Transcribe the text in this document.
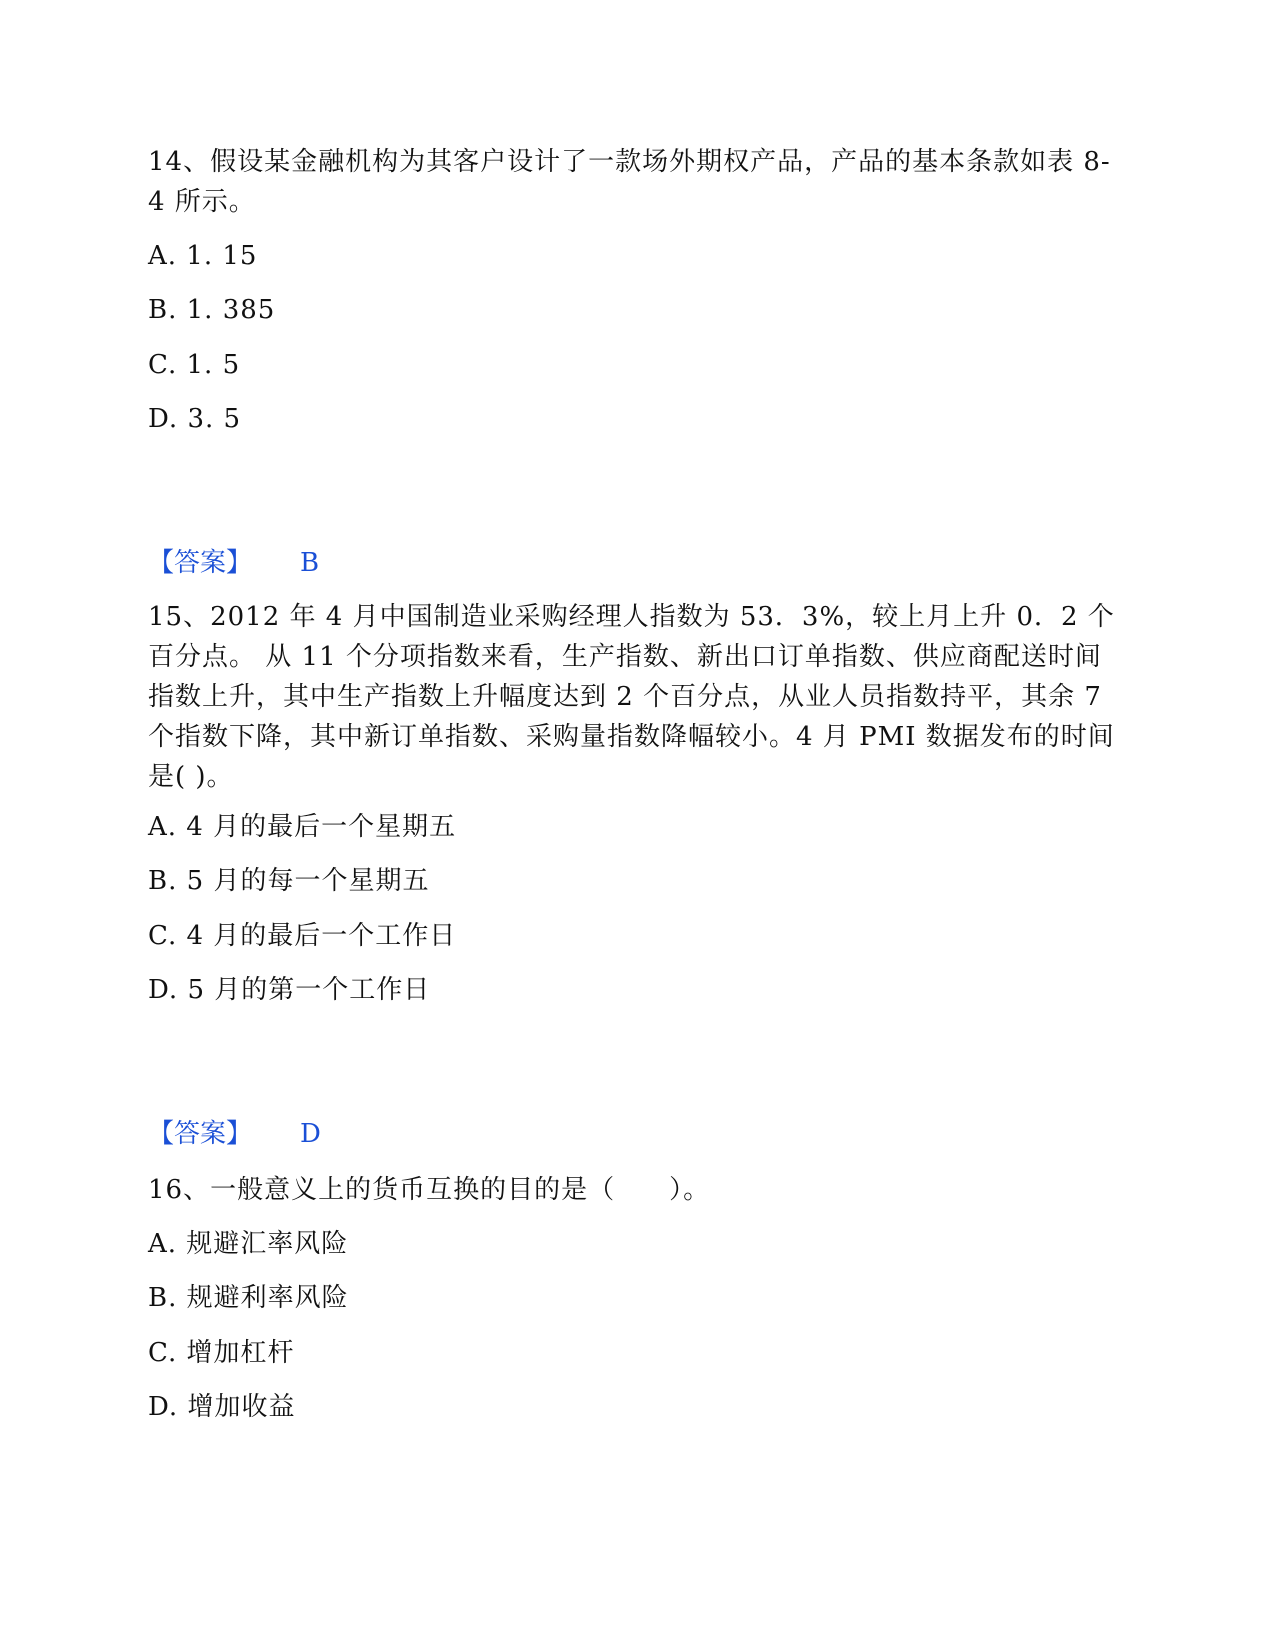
14、假设某金融机构为其客户设计了一款场外期权产品，产品的基本条款如表 8-4 所示。

A. 1. 15

B. 1. 385

C. 1. 5

D. 3. 5

【答案】 B

15、2012 年 4 月中国制造业采购经理人指数为 53．3%，较上月上升 0．2 个百分点。 从 11 个分项指数来看，生产指数、新出口订单指数、供应商配送时间指数上升，其中生产指数上升幅度达到 2 个百分点，从业人员指数持平，其余 7 个指数下降，其中新订单指数、采购量指数降幅较小。4 月 PMI 数据发布的时间是( )。

A. 4 月的最后一个星期五

B. 5 月的每一个星期五

C. 4 月的最后一个工作日

D. 5 月的第一个工作日

【答案】 D

16、一般意义上的货币互换的目的是（　　）。

A. 规避汇率风险

B. 规避利率风险

C. 增加杠杆

D. 增加收益
